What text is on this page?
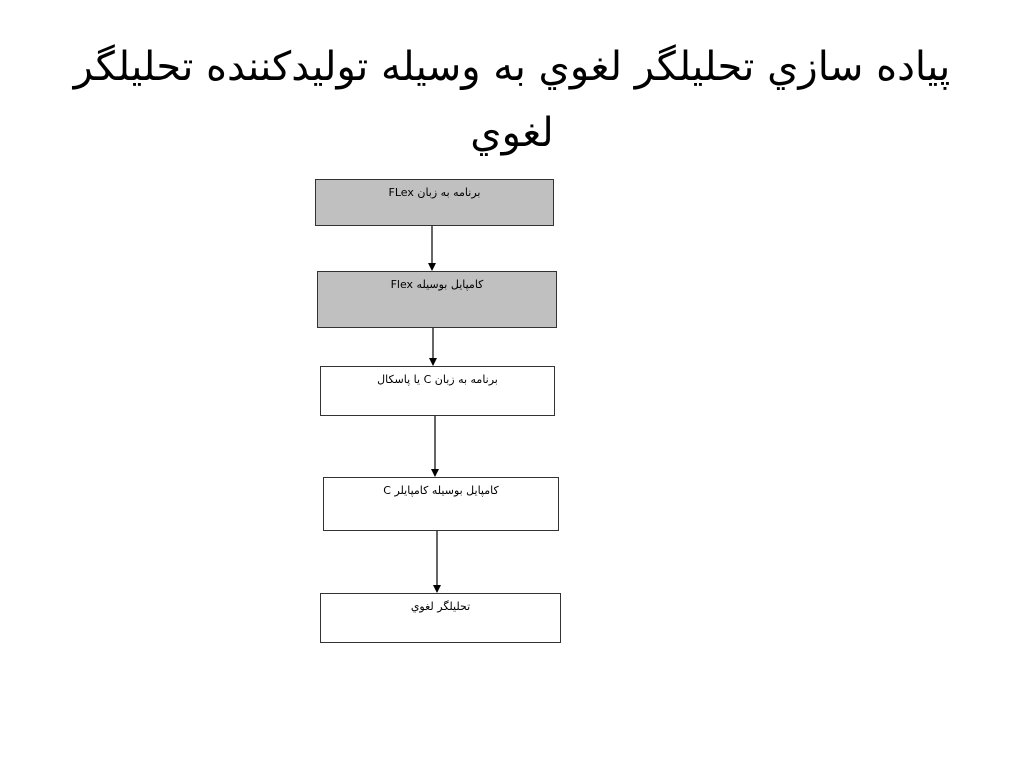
پياده سازي تحليلگر لغوي به وسيله توليدكننده تحليلگر لغوي
برنامه به زبان FLex
كامپايل بوسيله Flex
برنامه به زبان C يا پاسكال
كامپايل بوسيله كامپايلر C
تحليلگر لغوي
